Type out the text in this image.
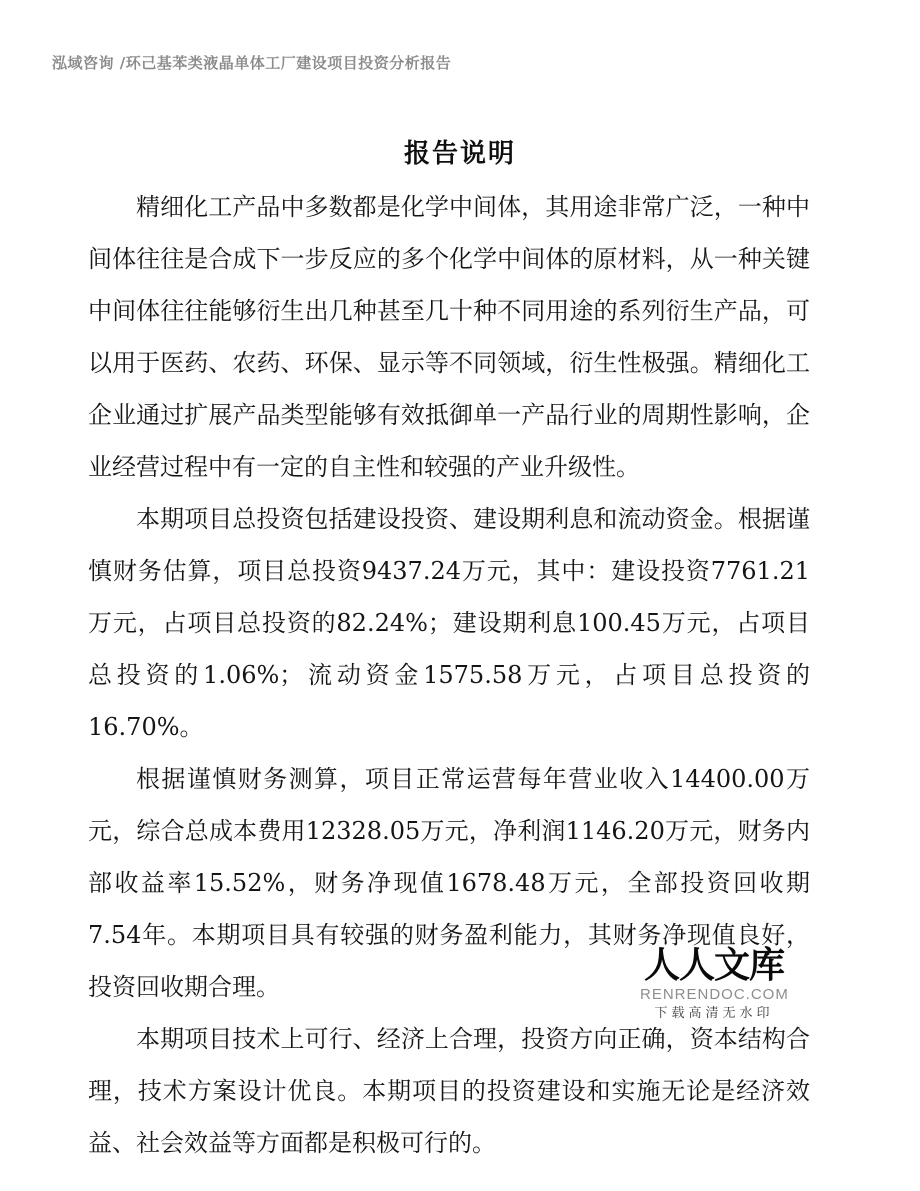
泓域咨询 /环己基苯类液晶单体工厂建设项目投资分析报告
报告说明

精细化工产品中多数都是化学中间体，其用途非常广泛，一种中间体往往是合成下一步反应的多个化学中间体的原材料，从一种关键中间体往往能够衍生出几种甚至几十种不同用途的系列衍生产品，可以用于医药、农药、环保、显示等不同领域，衍生性极强。精细化工企业通过扩展产品类型能够有效抵御单一产品行业的周期性影响，企业经营过程中有一定的自主性和较强的产业升级性。

本期项目总投资包括建设投资、建设期利息和流动资金。根据谨慎财务估算，项目总投资9437.24万元，其中：建设投资7761.21万元，占项目总投资的82.24%；建设期利息100.45万元，占项目总投资的1.06%；流动资金1575.58万元，占项目总投资的16.70%。

根据谨慎财务测算，项目正常运营每年营业收入14400.00万元，综合总成本费用12328.05万元，净利润1146.20万元，财务内部收益率15.52%，财务净现值1678.48万元，全部投资回收期7.54年。本期项目具有较强的财务盈利能力，其财务净现值良好，投资回收期合理。

本期项目技术上可行、经济上合理，投资方向正确，资本结构合理，技术方案设计优良。本期项目的投资建设和实施无论是经济效益、社会效益等方面都是积极可行的。

人人文库
RENRENDOC.COM
下载高清无水印
